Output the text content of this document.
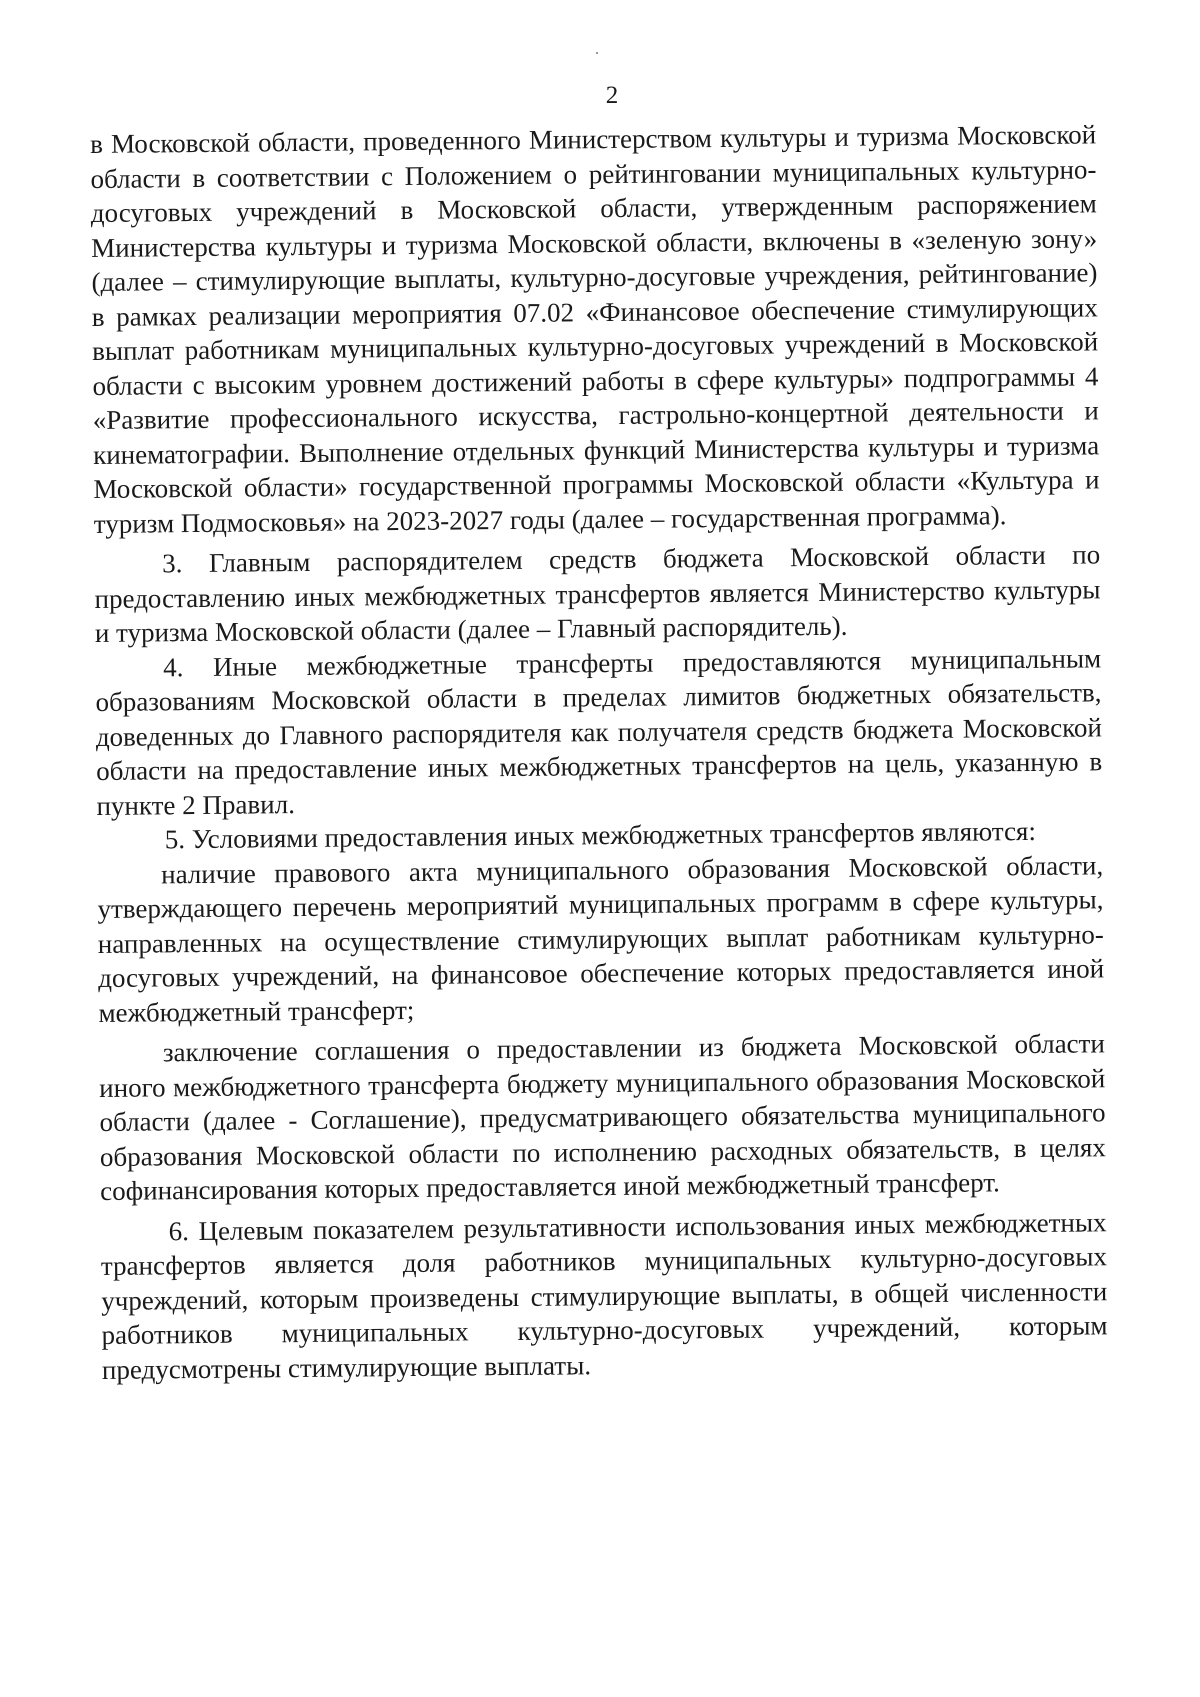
2

в Московской области, проведенного Министерством культуры и туризма Московской области в соответствии с Положением о рейтинговании муниципальных культурно-досуговых учреждений в Московской области, утвержденным распоряжением Министерства культуры и туризма Московской области, включены в «зеленую зону» (далее – стимулирующие выплаты, культурно-досуговые учреждения, рейтингование) в рамках реализации мероприятия 07.02 «Финансовое обеспечение стимулирующих выплат работникам муниципальных культурно-досуговых учреждений в Московской области с высоким уровнем достижений работы в сфере культуры» подпрограммы 4 «Развитие профессионального искусства, гастрольно-концертной деятельности и кинематографии. Выполнение отдельных функций Министерства культуры и туризма Московской области» государственной программы Московской области «Культура и туризм Подмосковья» на 2023-2027 годы (далее – государственная программа).

3. Главным распорядителем средств бюджета Московской области по предоставлению иных межбюджетных трансфертов является Министерство культуры и туризма Московской области (далее – Главный распорядитель).

4. Иные межбюджетные трансферты предоставляются муниципальным образованиям Московской области в пределах лимитов бюджетных обязательств, доведенных до Главного распорядителя как получателя средств бюджета Московской области на предоставление иных межбюджетных трансфертов на цель, указанную в пункте 2 Правил.

5. Условиями предоставления иных межбюджетных трансфертов являются:

наличие правового акта муниципального образования Московской области, утверждающего перечень мероприятий муниципальных программ в сфере культуры, направленных на осуществление стимулирующих выплат работникам культурно-досуговых учреждений, на финансовое обеспечение которых предоставляется иной межбюджетный трансферт;

заключение соглашения о предоставлении из бюджета Московской области иного межбюджетного трансферта бюджету муниципального образования Московской области (далее - Соглашение), предусматривающего обязательства муниципального образования Московской области по исполнению расходных обязательств, в целях софинансирования которых предоставляется иной межбюджетный трансферт.

6. Целевым показателем результативности использования иных межбюджетных трансфертов является доля работников муниципальных культурно-досуговых учреждений, которым произведены стимулирующие выплаты, в общей численности работников муниципальных культурно-досуговых учреждений, которым предусмотрены стимулирующие выплаты.
